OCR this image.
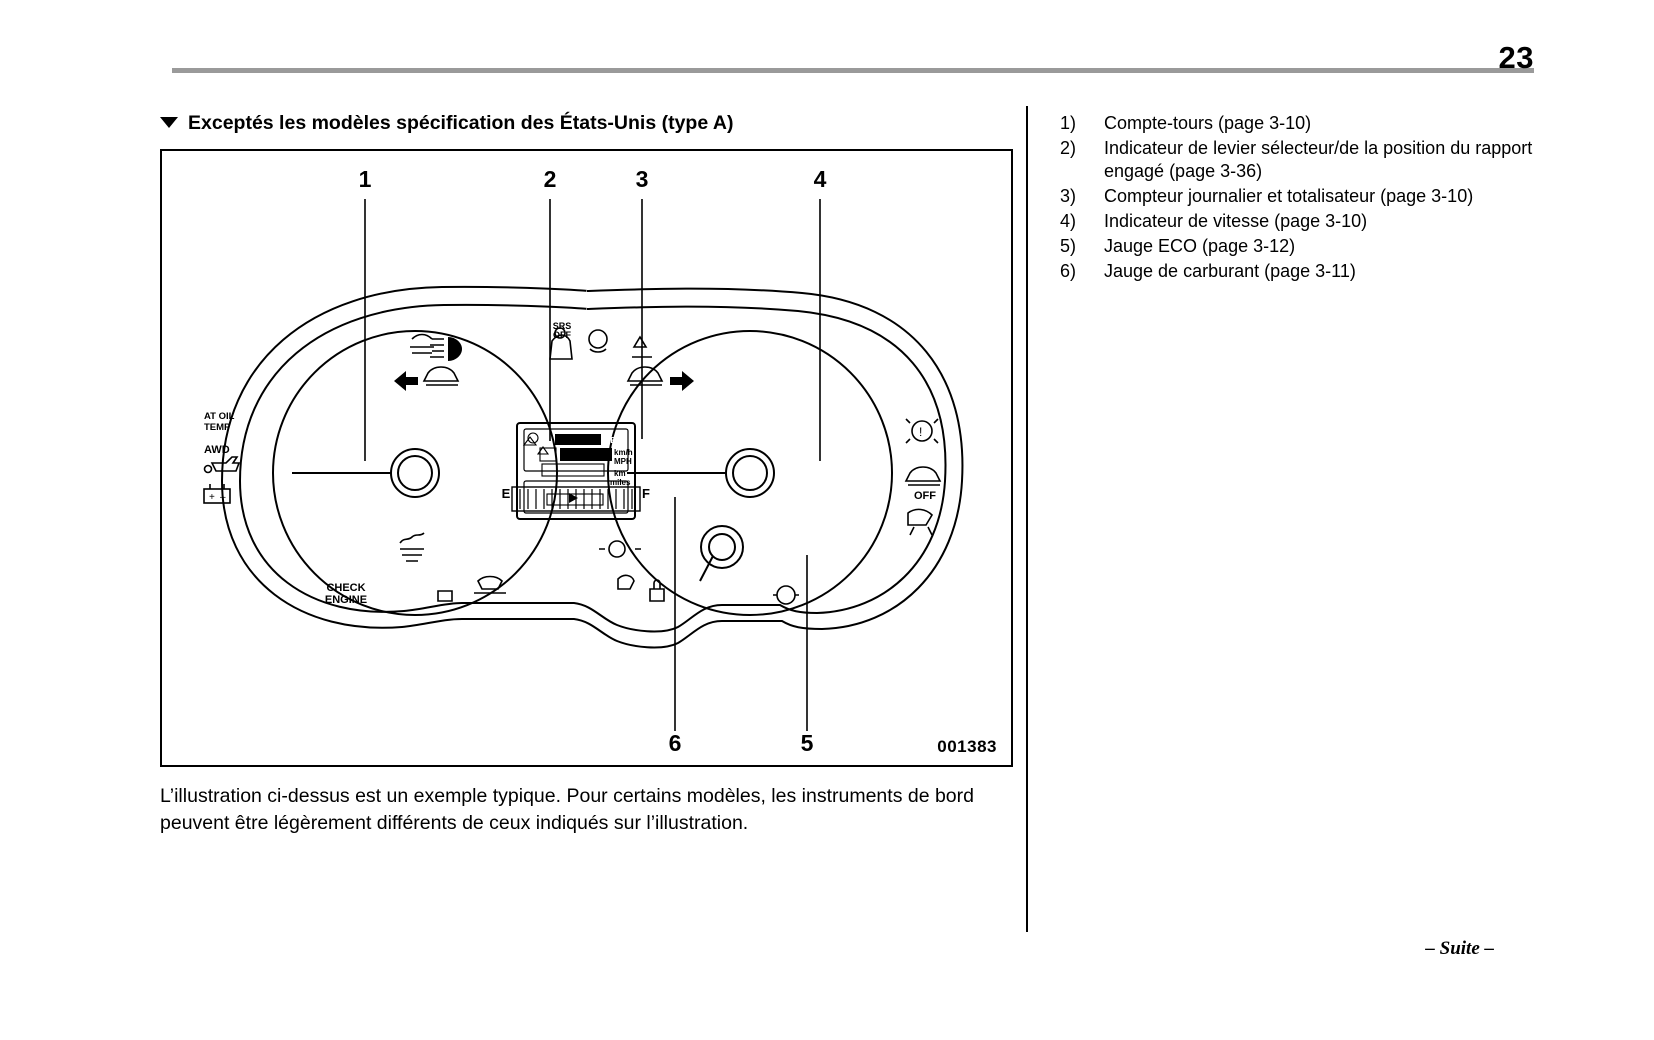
23
Exceptés les modèles spécification des États-Unis (type A)
SET
km/h
MPH
km
miles
E	F
+ –
AT OIL
TEMP
AWD
CHECK
ENGINE
SRS
OFF
!
OFF
1	2	3	4
5
6	001383
L’illustration ci-dessus est un exemple typique. Pour certains modèles, les instruments de bord peuvent être légèrement différents de ceux indiqués sur l’illustration.
1)	Compte-tours (page 3-10)
2)	Indicateur de levier sélecteur/de la position du rapport engagé (page 3-36)
3)	Compteur journalier et totalisateur (page 3-10)
4)	Indicateur de vitesse (page 3-10)
5)	Jauge ECO (page 3-12)
6)	Jauge de carburant (page 3-11)
– Suite –
